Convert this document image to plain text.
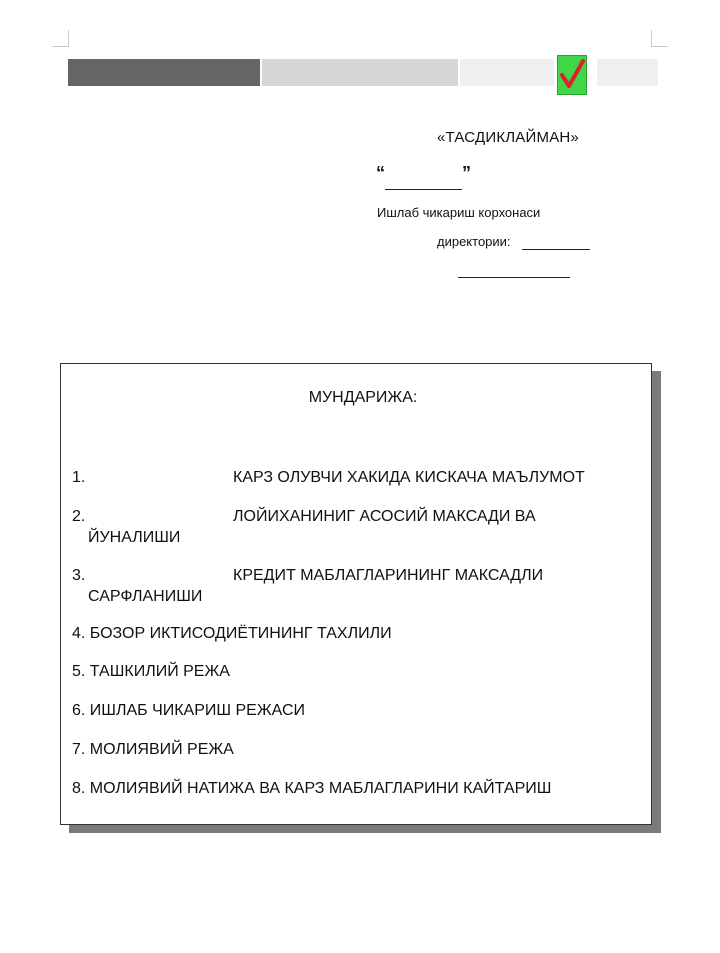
«ТАСДИКЛАЙМАН»
“	”
Ишлаб чикариш корхонаси
директории:
МУНДАРИЖА:
1.	КАРЗ ОЛУВЧИ ХАКИДА КИСКАЧА МАЪЛУМОТ
2.	ЛОЙИХАНИНИГ АСОСИЙ МАКСАДИ ВА
ЙУНАЛИШИ
3.	КРЕДИТ МАБЛАГЛАРИНИНГ МАКСАДЛИ
САРФЛАНИШИ
4. БОЗОР ИКТИСОДИЁТИНИНГ ТАХЛИЛИ
5. ТАШКИЛИЙ РЕЖА
6. ИШЛАБ ЧИКАРИШ РЕЖАСИ
7. МОЛИЯВИЙ РЕЖА
8. МОЛИЯВИЙ НАТИЖА ВА КАРЗ МАБЛАГЛАРИНИ КАЙТАРИШ
